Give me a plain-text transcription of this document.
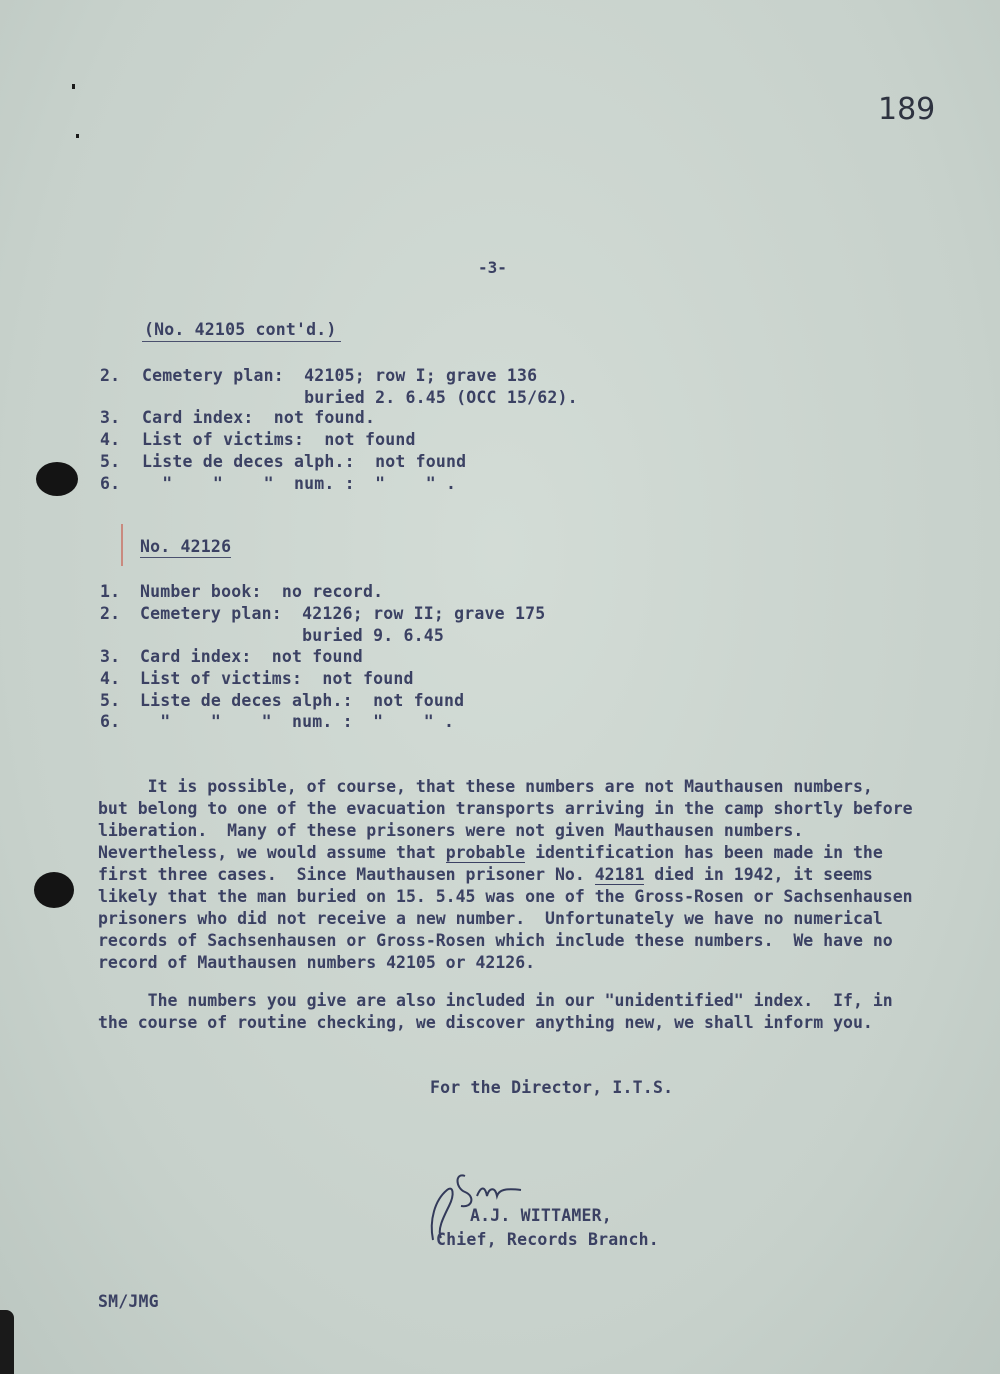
189
-3-
(No. 42105 cont'd.)
2. Cemetery plan:  42105; row I; grave 136
buried 2. 6.45 (OCC 15/62).
3. Card index:  not found.
4. List of victims:  not found
5. Liste de deces alph.:  not found
6. "    "    "  num. :  "    " .
No. 42126
1. Number book:  no record.
2. Cemetery plan:  42126; row II; grave 175
buried 9. 6.45
3. Card index:  not found
4. List of victims:  not found
5. Liste de deces alph.:  not found
6. "    "    "  num. :  "    " .
It is possible, of course, that these numbers are not Mauthausen numbers,
but belong to one of the evacuation transports arriving in the camp shortly before
liberation.  Many of these prisoners were not given Mauthausen numbers.
Nevertheless, we would assume that probable identification has been made in the
first three cases.  Since Mauthausen prisoner No. 42181 died in 1942, it seems
likely that the man buried on 15. 5.45 was one of the Gross-Rosen or Sachsenhausen
prisoners who did not receive a new number.  Unfortunately we have no numerical
records of Sachsenhausen or Gross-Rosen which include these numbers.  We have no
record of Mauthausen numbers 42105 or 42126.
The numbers you give are also included in our "unidentified" index.  If, in
the course of routine checking, we discover anything new, we shall inform you.
For the Director, I.T.S.
A.J. WITTAMER,
Chief, Records Branch.
SM/JMG
